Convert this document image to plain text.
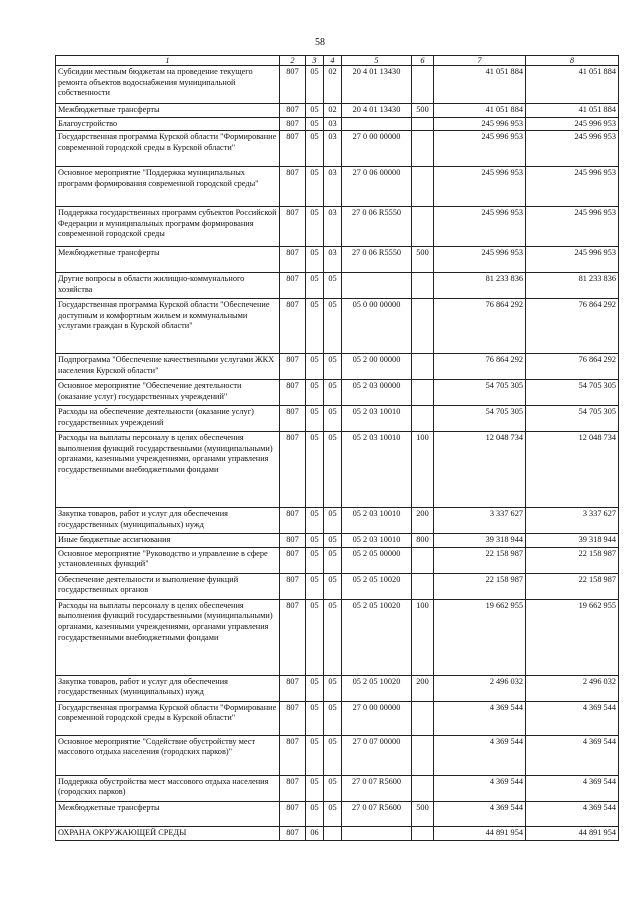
58
1	2	3	4	5	6	7	8
Субсидии местным бюджетам на проведение текущего ремонта объектов водоснабжения муниципальной собственности	807	05	02	20 4 01 13430		41 051 884	41 051 884
Межбюджетные трансферты	807	05	02	20 4 01 13430	500	41 051 884	41 051 884
Благоустройство	807	05	03			245 996 953	245 996 953
Государственная программа Курской области "Формирование современной городской среды в Курской области"	807	05	03	27 0 00 00000		245 996 953	245 996 953
Основное мероприятие "Поддержка муниципальных программ формирования современной городской среды"	807	05	03	27 0 06 00000		245 996 953	245 996 953
Поддержка государственных программ субъектов Российской Федерации и муниципальных программ формирования современной городской среды	807	05	03	27 0 06 R5550		245 996 953	245 996 953
Межбюджетные трансферты	807	05	03	27 0 06 R5550	500	245 996 953	245 996 953
Другие вопросы в области жилищно-коммунального хозяйства	807	05	05			81 233 836	81 233 836
Государственная программа Курской области "Обеспечение доступным и комфортным жильем и коммунальными услугами граждан в Курской области"	807	05	05	05 0 00 00000		76 864 292	76 864 292
Подпрограмма "Обеспечение качественными услугами ЖКХ населения Курской области"	807	05	05	05 2 00 00000		76 864 292	76 864 292
Основное мероприятие "Обеспечение деятельности (оказание услуг) государственных учреждений"	807	05	05	05 2 03 00000		54 705 305	54 705 305
Расходы на обеспечение деятельности (оказание услуг) государственных учреждений	807	05	05	05 2 03 10010		54 705 305	54 705 305
Расходы на выплаты персоналу в целях обеспечения выполнения функций государственными (муниципальными) органами, казенными учреждениями, органами управления государственными внебюджетными фондами	807	05	05	05 2 03 10010	100	12 048 734	12 048 734
Закупка товаров, работ и услуг для обеспечения государственных (муниципальных) нужд	807	05	05	05 2 03 10010	200	3 337 627	3 337 627
Иные бюджетные ассигнования	807	05	05	05 2 03 10010	800	39 318 944	39 318 944
Основное мероприятие "Руководство и управление в сфере установленных функций"	807	05	05	05 2 05 00000		22 158 987	22 158 987
Обеспечение деятельности и выполнение функций государственных органов	807	05	05	05 2 05 10020		22 158 987	22 158 987
Расходы на выплаты персоналу в целях обеспечения выполнения функций государственными (муниципальными) органами, казенными учреждениями, органами управления государственными внебюджетными фондами	807	05	05	05 2 05 10020	100	19 662 955	19 662 955
Закупка товаров, работ и услуг для обеспечения государственных (муниципальных) нужд	807	05	05	05 2 05 10020	200	2 496 032	2 496 032
Государственная программа Курской области "Формирование современной городской среды в Курской области"	807	05	05	27 0 00 00000		4 369 544	4 369 544
Основное мероприятие "Содействие обустройству мест массового отдыха населения (городских парков)"	807	05	05	27 0 07 00000		4 369 544	4 369 544
Поддержка обустройства мест массового отдыха населения (городских парков)	807	05	05	27 0 07 R5600		4 369 544	4 369 544
Межбюджетные трансферты	807	05	05	27 0 07 R5600	500	4 369 544	4 369 544
ОХРАНА ОКРУЖАЮЩЕЙ СРЕДЫ	807	06				44 891 954	44 891 954
